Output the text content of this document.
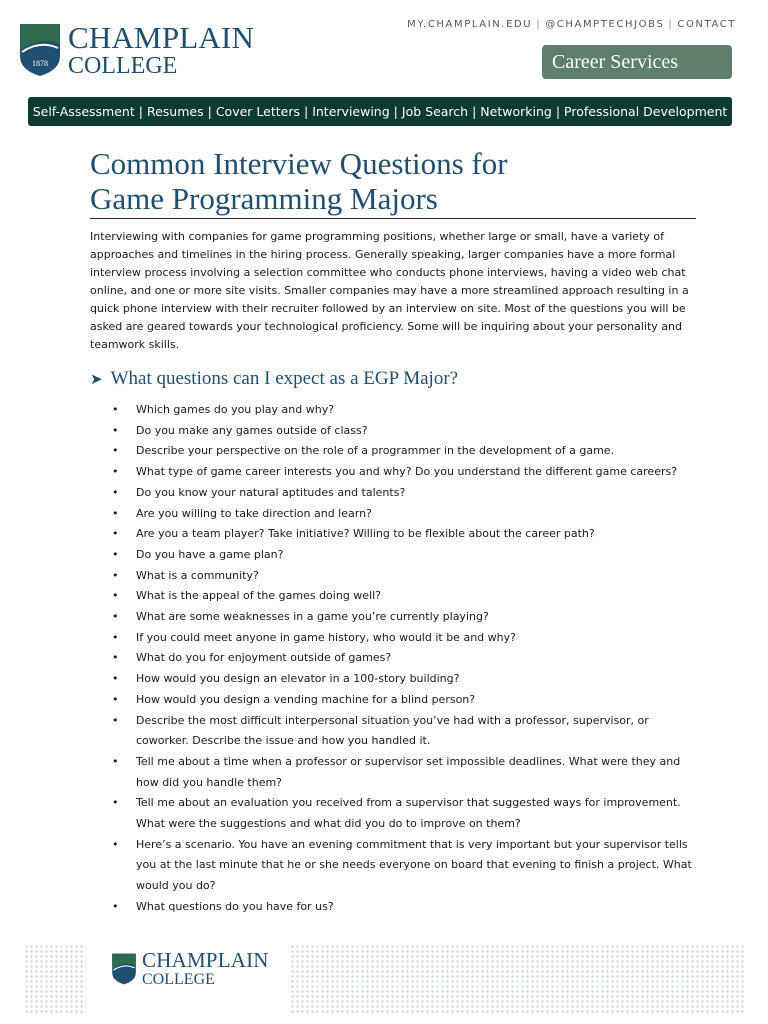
1878
CHAMPLAIN
COLLEGE
MY.CHAMPLAIN.EDU | @CHAMPTECHJOBS | CONTACT
Career Services
Self-Assessment | Resumes | Cover Letters | Interviewing | Job Search | Networking | Professional Development
Common Interview Questions for
Game Programming Majors
Interviewing with companies for game programming positions, whether large or small, have a variety of approaches and timelines in the hiring process. Generally speaking, larger companies have a more formal interview process involving a selection committee who conducts phone interviews, having a video web chat online, and one or more site visits. Smaller companies may have a more streamlined approach resulting in a quick phone interview with their recruiter followed by an interview on site. Most of the questions you will be asked are geared towards your technological proficiency. Some will be inquiring about your personality and teamwork skills.
➤ What questions can I expect as a EGP Major?
• Which games do you play and why?
• Do you make any games outside of class?
• Describe your perspective on the role of a programmer in the development of a game.
• What type of game career interests you and why? Do you understand the different game careers?
• Do you know your natural aptitudes and talents?
• Are you willing to take direction and learn?
• Are you a team player? Take initiative? Willing to be flexible about the career path?
• Do you have a game plan?
• What is a community?
• What is the appeal of the games doing well?
• What are some weaknesses in a game you’re currently playing?
• If you could meet anyone in game history, who would it be and why?
• What do you for enjoyment outside of games?
• How would you design an elevator in a 100-story building?
• How would you design a vending machine for a blind person?
• Describe the most difficult interpersonal situation you’ve had with a professor, supervisor, or coworker. Describe the issue and how you handled it.
• Tell me about a time when a professor or supervisor set impossible deadlines. What were they and how did you handle them?
• Tell me about an evaluation you received from a supervisor that suggested ways for improvement. What were the suggestions and what did you do to improve on them?
• Here’s a scenario. You have an evening commitment that is very important but your supervisor tells you at the last minute that he or she needs everyone on board that evening to finish a project. What would you do?
• What questions do you have for us?
CHAMPLAIN
COLLEGE
